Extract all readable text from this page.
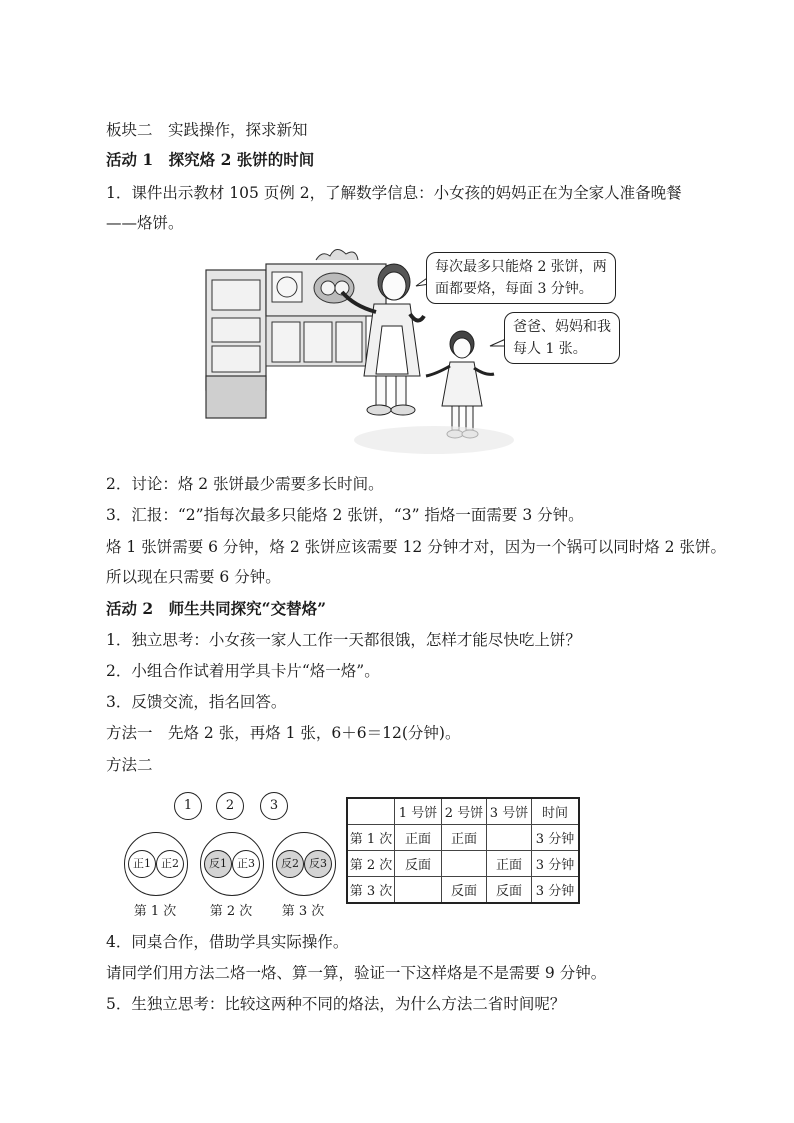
板块二　实践操作，探求新知
活动 1　探究烙 2 张饼的时间
1．课件出示教材 105 页例 2，了解数学信息：小女孩的妈妈正在为全家人准备晚餐
——烙饼。
每次最多只能烙 2 张饼，两
面都要烙，每面 3 分钟。
爸爸、妈妈和我
每人 1 张。
2．讨论：烙 2 张饼最少需要多长时间。
3．汇报：“2”指每次最多只能烙 2 张饼，“3” 指烙一面需要 3 分钟。
烙 1 张饼需要 6 分钟，烙 2 张饼应该需要 12 分钟才对，因为一个锅可以同时烙 2 张饼。
所以现在只需要 6 分钟。
活动 2　师生共同探究“交替烙”
1．独立思考：小女孩一家人工作一天都很饿，怎样才能尽快吃上饼？
2．小组合作试着用学具卡片“烙一烙”。
3．反馈交流，指名回答。
方法一　先烙 2 张，再烙 1 张，6＋6＝12(分钟)。
方法二
1	2	3
正1 正2	反1 正3	反2 反3
第 1 次	第 2 次	第 3 次
	1 号饼	2 号饼	3 号饼	时间
第 1 次	正面	正面		3 分钟
第 2 次	反面		正面	3 分钟
第 3 次		反面	反面	3 分钟
4．同桌合作，借助学具实际操作。
请同学们用方法二烙一烙、算一算，验证一下这样烙是不是需要 9 分钟。
5．生独立思考：比较这两种不同的烙法，为什么方法二省时间呢？
